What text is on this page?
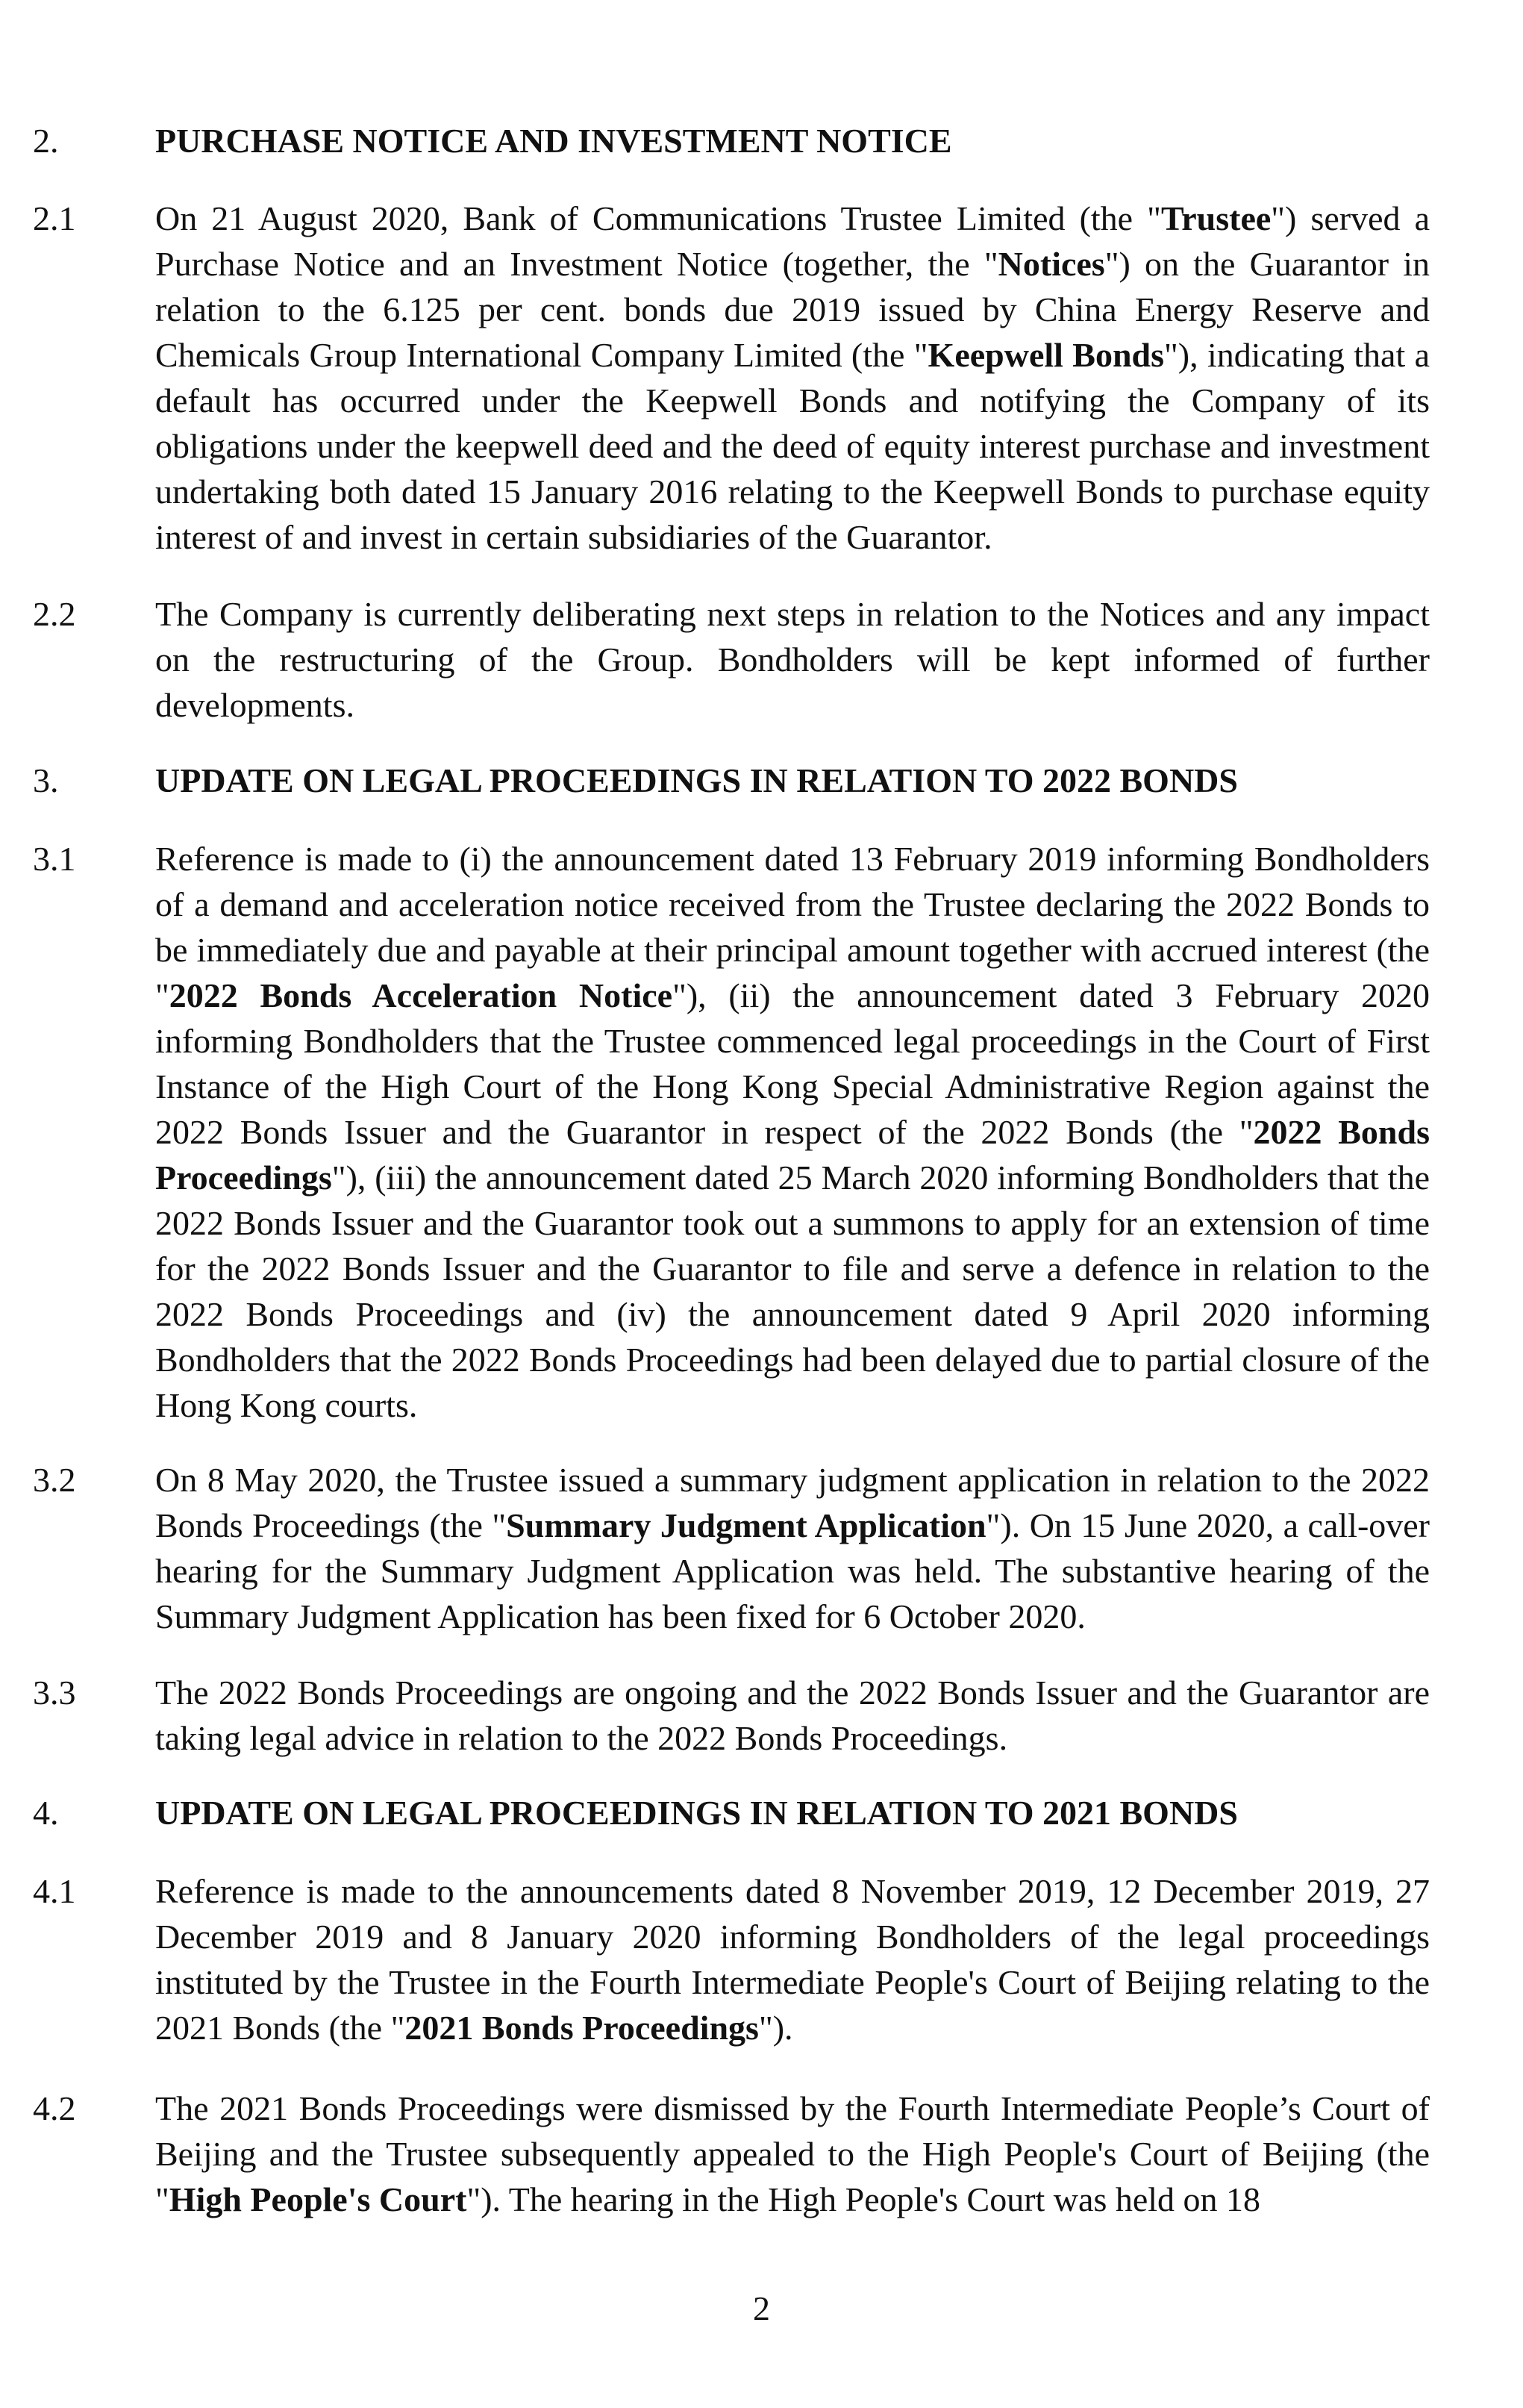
2.	PURCHASE NOTICE AND INVESTMENT NOTICE
2.1 On 21 August 2020, Bank of Communications Trustee Limited (the "Trustee") served a Purchase Notice and an Investment Notice (together, the "Notices") on the Guarantor in relation to the 6.125 per cent. bonds due 2019 issued by China Energy Reserve and Chemicals Group International Company Limited (the "Keepwell Bonds"), indicating that a default has occurred under the Keepwell Bonds and notifying the Company of its obligations under the keepwell deed and the deed of equity interest purchase and investment undertaking both dated 15 January 2016 relating to the Keepwell Bonds to purchase equity interest of and invest in certain subsidiaries of the Guarantor.
2.2 The Company is currently deliberating next steps in relation to the Notices and any impact on the restructuring of the Group. Bondholders will be kept informed of further developments.
3.	UPDATE ON LEGAL PROCEEDINGS IN RELATION TO 2022 BONDS
3.1 Reference is made to (i) the announcement dated 13 February 2019 informing Bondholders of a demand and acceleration notice received from the Trustee declaring the 2022 Bonds to be immediately due and payable at their principal amount together with accrued interest (the "2022 Bonds Acceleration Notice"), (ii) the announcement dated 3 February 2020 informing Bondholders that the Trustee commenced legal proceedings in the Court of First Instance of the High Court of the Hong Kong Special Administrative Region against the 2022 Bonds Issuer and the Guarantor in respect of the 2022 Bonds (the "2022 Bonds Proceedings"), (iii) the announcement dated 25 March 2020 informing Bondholders that the 2022 Bonds Issuer and the Guarantor took out a summons to apply for an extension of time for the 2022 Bonds Issuer and the Guarantor to file and serve a defence in relation to the 2022 Bonds Proceedings and (iv) the announcement dated 9 April 2020 informing Bondholders that the 2022 Bonds Proceedings had been delayed due to partial closure of the Hong Kong courts.
3.2 On 8 May 2020, the Trustee issued a summary judgment application in relation to the 2022 Bonds Proceedings (the "Summary Judgment Application"). On 15 June 2020, a call-over hearing for the Summary Judgment Application was held. The substantive hearing of the Summary Judgment Application has been fixed for 6 October 2020.
3.3 The 2022 Bonds Proceedings are ongoing and the 2022 Bonds Issuer and the Guarantor are taking legal advice in relation to the 2022 Bonds Proceedings.
4.	UPDATE ON LEGAL PROCEEDINGS IN RELATION TO 2021 BONDS
4.1 Reference is made to the announcements dated 8 November 2019, 12 December 2019, 27 December 2019 and 8 January 2020 informing Bondholders of the legal proceedings instituted by the Trustee in the Fourth Intermediate People's Court of Beijing relating to the 2021 Bonds (the "2021 Bonds Proceedings").
4.2 The 2021 Bonds Proceedings were dismissed by the Fourth Intermediate People’s Court of Beijing and the Trustee subsequently appealed to the High People's Court of Beijing (the "High People's Court"). The hearing in the High People's Court was held on 18
2
